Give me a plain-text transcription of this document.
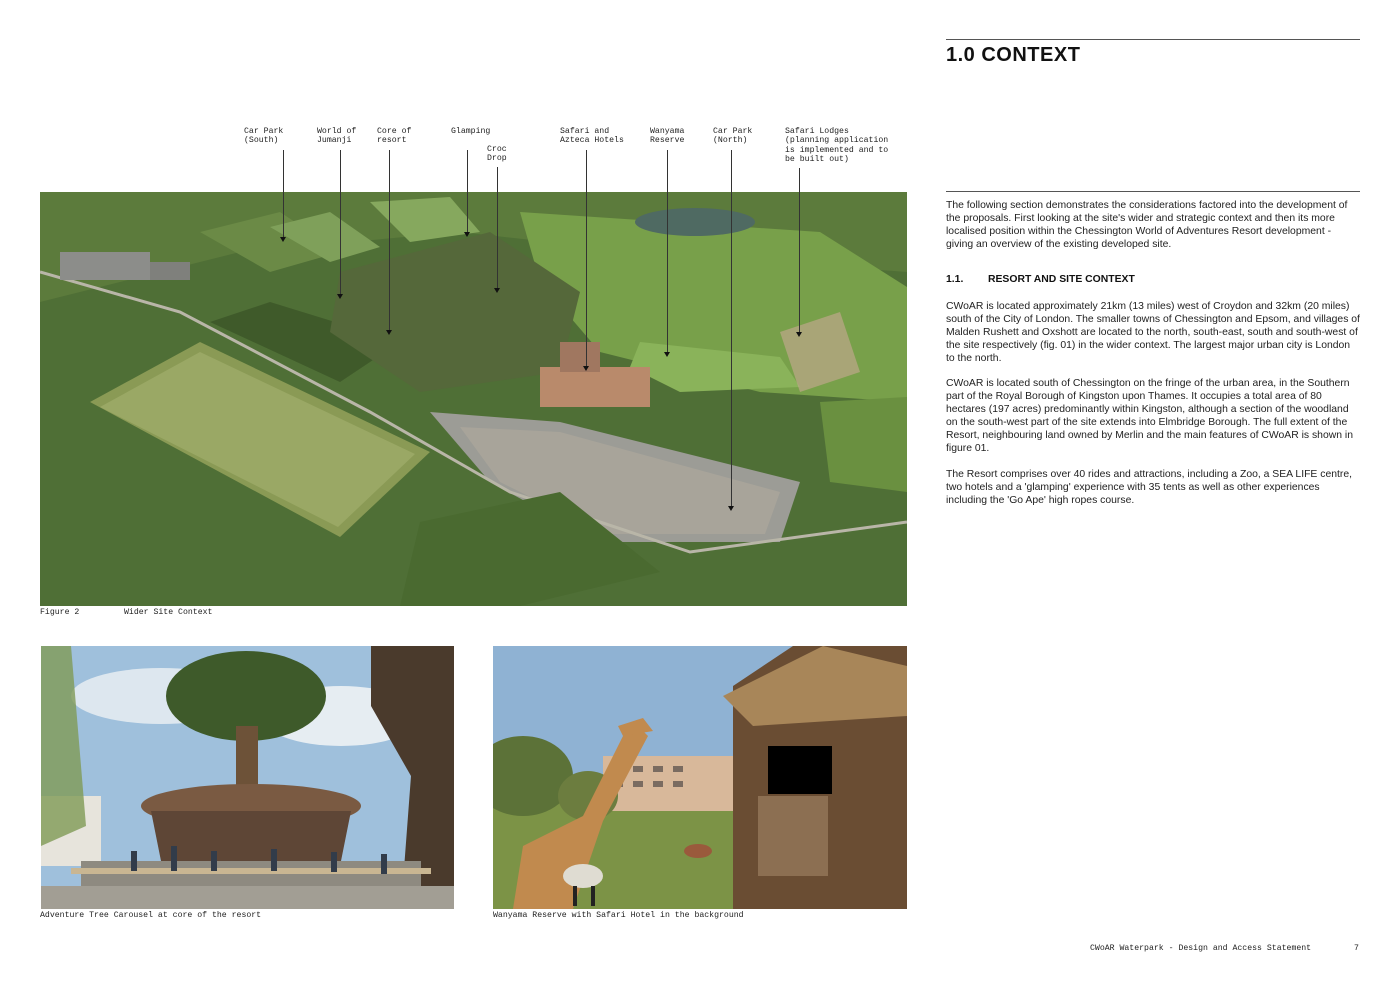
1.0 CONTEXT

The following section demonstrates the considerations factored into the development of the proposals. First looking at the site's wider and strategic context and then its more localised position within the Chessington World of Adventures Resort development - giving an overview of the existing developed site.

1.1. RESORT AND SITE CONTEXT

CWoAR is located approximately 21km (13 miles) west of Croydon and 32km (20 miles) south of the City of London. The smaller towns of Chessington and Epsom, and villages of Malden Rushett and Oxshott are located to the north, south-east, south and south-west of the site respectively (fig. 01) in the wider context. The largest major urban city is London to the north.

CWoAR is located south of Chessington on the fringe of the urban area, in the Southern part of the Royal Borough of Kingston upon Thames. It occupies a total area of 80 hectares (197 acres) predominantly within Kingston, although a section of the woodland on the south-west part of the site extends into Elmbridge Borough. The full extent of the Resort, neighbouring land owned by Merlin and the main features of CWoAR is shown in figure 01.

The Resort comprises over 40 rides and attractions, including a Zoo, a SEA LIFE centre, two hotels and a 'glamping' experience with 35 tents as well as other experiences including the 'Go Ape' high ropes course.

Car Park
(South)
World of
Jumanji
Core of
resort
Glamping
Croc
Drop
Safari and
Azteca Hotels
Wanyama
Reserve
Car Park
(North)
Safari Lodges
(planning application
is implemented and to
be built out)
Figure 2	Wider Site Context
Adventure Tree Carousel at core of the resort	Wanyama Reserve with Safari Hotel in the background
CWoAR Waterpark - Design and Access Statement	7
